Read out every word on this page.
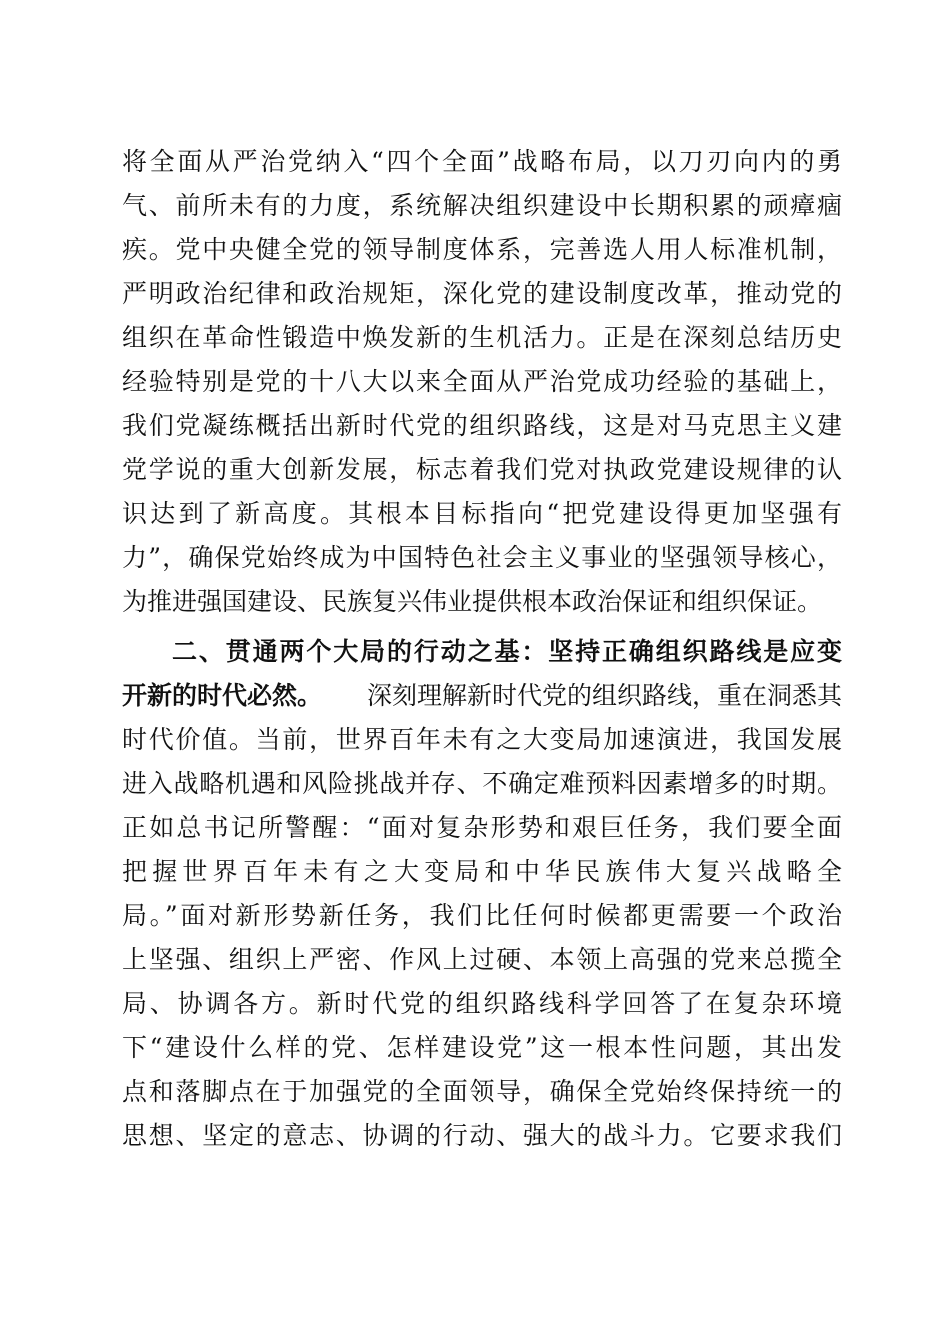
将全面从严治党纳入“四个全面”战略布局，以刀刃向内的勇
气、前所未有的力度，系统解决组织建设中长期积累的顽瘴痼
疾。党中央健全党的领导制度体系，完善选人用人标准机制，
严明政治纪律和政治规矩，深化党的建设制度改革，推动党的
组织在革命性锻造中焕发新的生机活力。正是在深刻总结历史
经验特别是党的十八大以来全面从严治党成功经验的基础上，
我们党凝练概括出新时代党的组织路线，这是对马克思主义建
党学说的重大创新发展，标志着我们党对执政党建设规律的认
识达到了新高度。其根本目标指向“把党建设得更加坚强有
力”，确保党始终成为中国特色社会主义事业的坚强领导核心，
为推进强国建设、民族复兴伟业提供根本政治保证和组织保证。
二、贯通两个大局的行动之基：坚持正确组织路线是应变
开新的时代必然。 深刻理解新时代党的组织路线，重在洞悉其
时代价值。当前，世界百年未有之大变局加速演进，我国发展
进入战略机遇和风险挑战并存、不确定难预料因素增多的时期。
正如总书记所警醒：“面对复杂形势和艰巨任务，我们要全面
把握世界百年未有之大变局和中华民族伟大复兴战略全
局。”面对新形势新任务，我们比任何时候都更需要一个政治
上坚强、组织上严密、作风上过硬、本领上高强的党来总揽全
局、协调各方。新时代党的组织路线科学回答了在复杂环境
下“建设什么样的党、怎样建设党”这一根本性问题，其出发
点和落脚点在于加强党的全面领导，确保全党始终保持统一的
思想、坚定的意志、协调的行动、强大的战斗力。它要求我们
